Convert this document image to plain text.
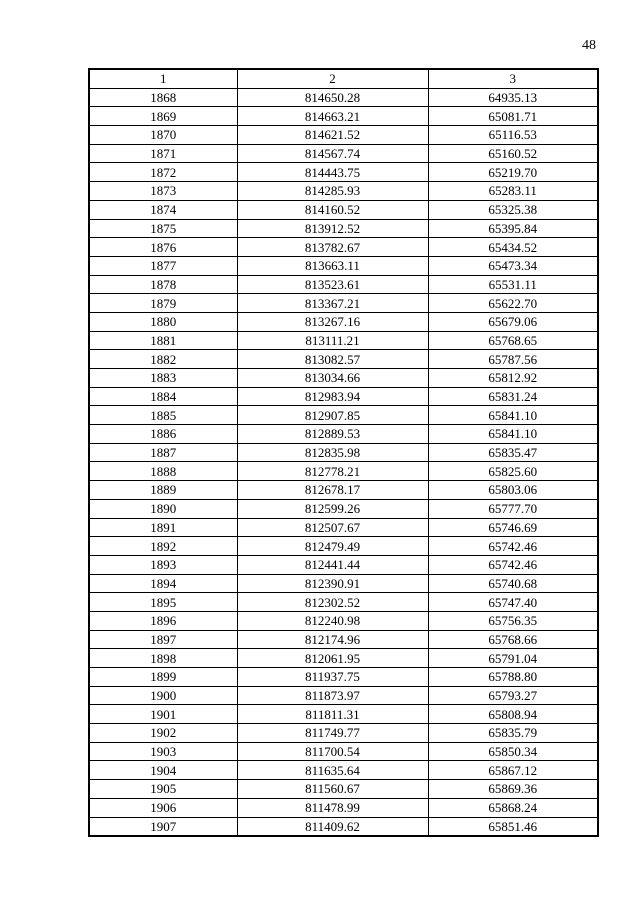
48
1	2	3
1868	814650.28	64935.13
1869	814663.21	65081.71
1870	814621.52	65116.53
1871	814567.74	65160.52
1872	814443.75	65219.70
1873	814285.93	65283.11
1874	814160.52	65325.38
1875	813912.52	65395.84
1876	813782.67	65434.52
1877	813663.11	65473.34
1878	813523.61	65531.11
1879	813367.21	65622.70
1880	813267.16	65679.06
1881	813111.21	65768.65
1882	813082.57	65787.56
1883	813034.66	65812.92
1884	812983.94	65831.24
1885	812907.85	65841.10
1886	812889.53	65841.10
1887	812835.98	65835.47
1888	812778.21	65825.60
1889	812678.17	65803.06
1890	812599.26	65777.70
1891	812507.67	65746.69
1892	812479.49	65742.46
1893	812441.44	65742.46
1894	812390.91	65740.68
1895	812302.52	65747.40
1896	812240.98	65756.35
1897	812174.96	65768.66
1898	812061.95	65791.04
1899	811937.75	65788.80
1900	811873.97	65793.27
1901	811811.31	65808.94
1902	811749.77	65835.79
1903	811700.54	65850.34
1904	811635.64	65867.12
1905	811560.67	65869.36
1906	811478.99	65868.24
1907	811409.62	65851.46
